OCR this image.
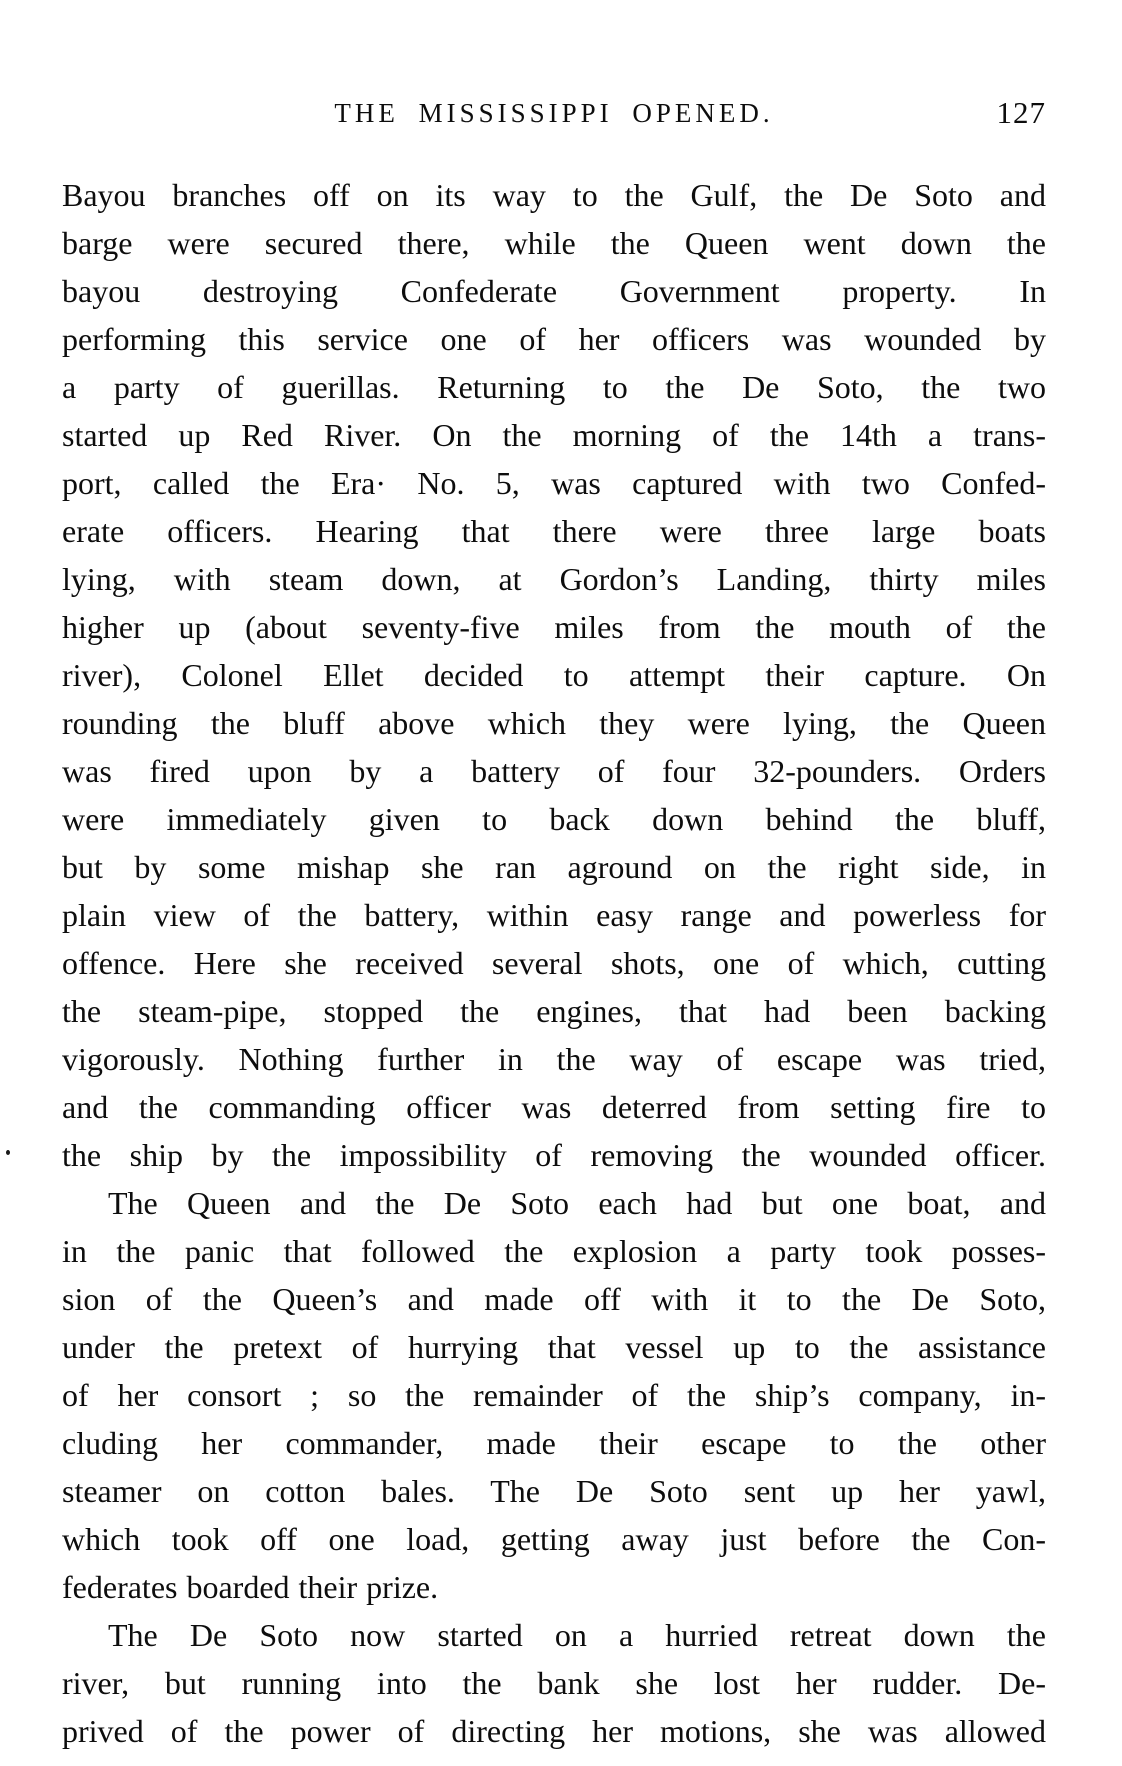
THE MISSISSIPPI OPENED.	127
Bayou branches off on its way to the Gulf, the De Soto and
barge were secured there, while the Queen went down the
bayou destroying Confederate Government property. In
performing this service one of her officers was wounded by
a party of guerillas. Returning to the De Soto, the two
started up Red River. On the morning of the 14th a trans-
port, called the Era· No. 5, was captured with two Confed-
erate officers. Hearing that there were three large boats
lying, with steam down, at Gordon’s Landing, thirty miles
higher up (about seventy-five miles from the mouth of the
river), Colonel Ellet decided to attempt their capture. On
rounding the bluff above which they were lying, the Queen
was fired upon by a battery of four 32-pounders. Orders
were immediately given to back down behind the bluff,
but by some mishap she ran aground on the right side, in
plain view of the battery, within easy range and powerless for
offence. Here she received several shots, one of which, cutting
the steam-pipe, stopped the engines, that had been backing
vigorously. Nothing further in the way of escape was tried,
and the commanding officer was deterred from setting fire to
the ship by the impossibility of removing the wounded officer.
The Queen and the De Soto each had but one boat, and
in the panic that followed the explosion a party took posses-
sion of the Queen’s and made off with it to the De Soto,
under the pretext of hurrying that vessel up to the assistance
of her consort ; so the remainder of the ship’s company, in-
cluding her commander, made their escape to the other
steamer on cotton bales. The De Soto sent up her yawl,
which took off one load, getting away just before the Con-
federates boarded their prize.
The De Soto now started on a hurried retreat down the
river, but running into the bank she lost her rudder. De-
prived of the power of directing her motions, she was allowed
